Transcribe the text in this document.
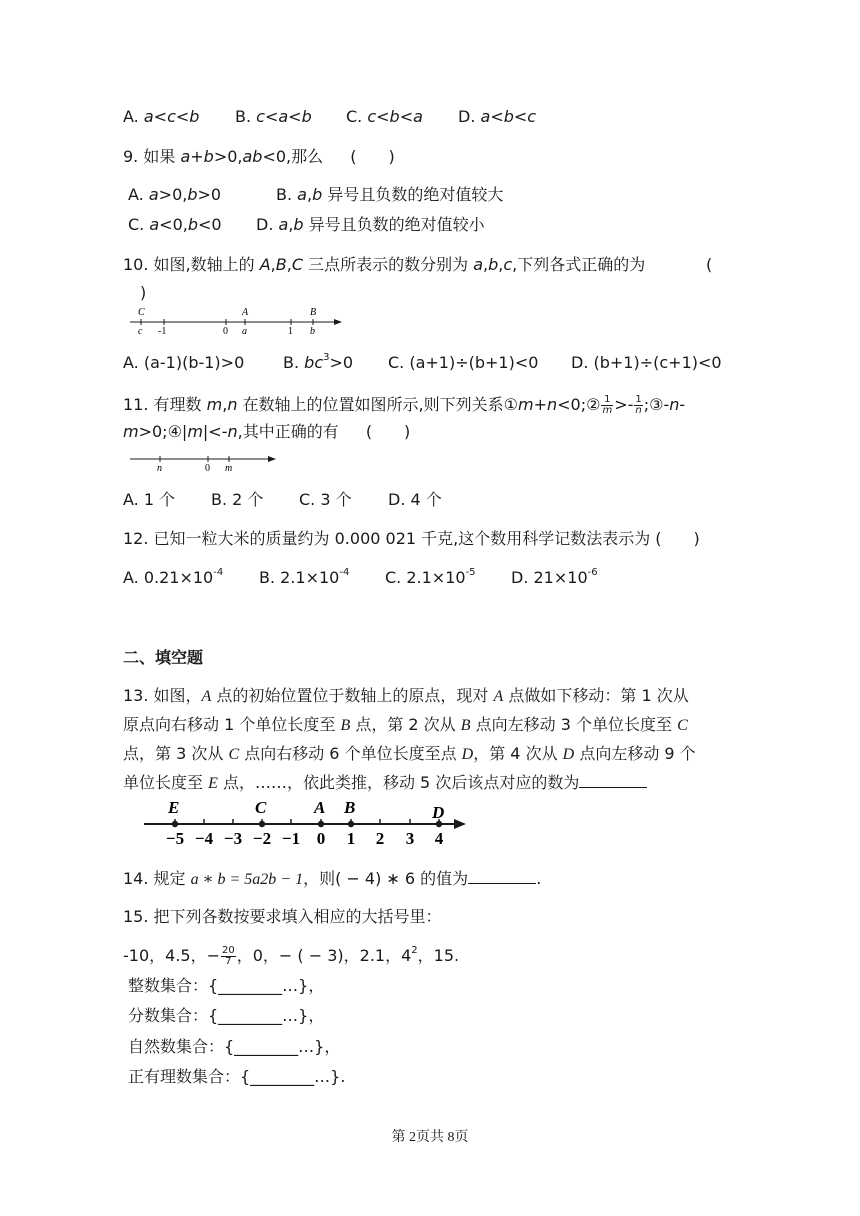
A. a<c<b B. c<a<b C. c<b<a D. a<b<c
9. 如果 a+b>0,ab<0,那么 (　　)
A. a>0,b>0	B. a,b 异号且负数的绝对值较大
C. a<0,b<0 D. a,b 异号且负数的绝对值较小
10. 如图,数轴上的 A,B,C 三点所表示的数分别为 a,b,c,下列各式正确的为	(
)
C	A	B
c -1	0 a	1 b
A. (a-1)(b-1)>0 B. $bc^3>0$ C. (a+1)÷(b+1)<0 D. (b+1)÷(c+1)<0
11. 有理数 m,n 在数轴上的位置如图所示,则下列关系①m+n<0;② $\frac{1}{m} >- \frac{1}{n}$ ;③-n-
m>0;④|m|<-n,其中正确的有 (　　)
n	0 m
A. 1 个 B. 2 个 C. 3 个 D. 4 个
12. 已知一粒大米的质量约为 0.000 021 千克,这个数用科学记数法表示为 (　　)
A. $0.21\times 10^{-4}$ B. $2.1\times 10^{-4}$ C. $2.1\times 10^{-5}$ D. $21\times 10^{-6}$
二、填空题
13. 如图，A 点的初始位置位于数轴上的原点，现对 A 点做如下移动：第 1 次从
原点向右移动 1 个单位长度至 B 点，第 2 次从 B 点向左移动 3 个单位长度至 C
点，第 3 次从 C 点向右移动 6 个单位长度至点 D，第 4 次从 D 点向左移动 9 个
单位长度至 E 点，……，依此类推，移动 5 次后该点对应的数为
E	C	A B	D
−5 −4 −3 −2 −1 0 1 2 3 4
14. 规定 a ∗ b = 5a2b − 1，则( − 4) ∗ 6 的值为	.
15. 把下列各数按要求填入相应的大括号里：
-10，4.5，− $\frac{20}{7}$ ，0，− ( − 3)，2.1，$4^2$，15.
整数集合：{________…}，
分数集合：{________…}，
自然数集合：{________…}，
正有理数集合：{________…}.
第 2页共 8页
